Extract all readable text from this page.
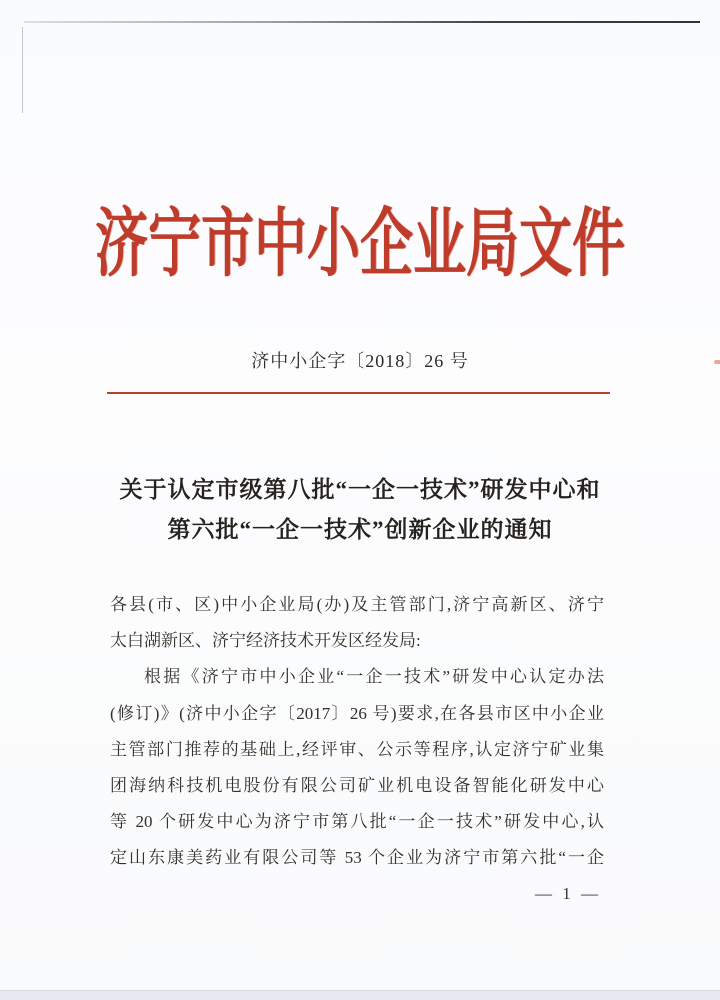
济宁市中小企业局文件
济中小企字〔2018〕26 号
关于认定市级第八批“一企一技术”研发中心和
第六批“一企一技术”创新企业的通知
各县(市、区)中小企业局(办)及主管部门,济宁高新区、济宁
太白湖新区、济宁经济技术开发区经发局:
根据《济宁市中小企业“一企一技术”研发中心认定办法
(修订)》(济中小企字〔2017〕26 号)要求,在各县市区中小企业
主管部门推荐的基础上,经评审、公示等程序,认定济宁矿业集
团海纳科技机电股份有限公司矿业机电设备智能化研发中心
等 20 个研发中心为济宁市第八批“一企一技术”研发中心,认
定山东康美药业有限公司等 53 个企业为济宁市第六批“一企
— 1 —
